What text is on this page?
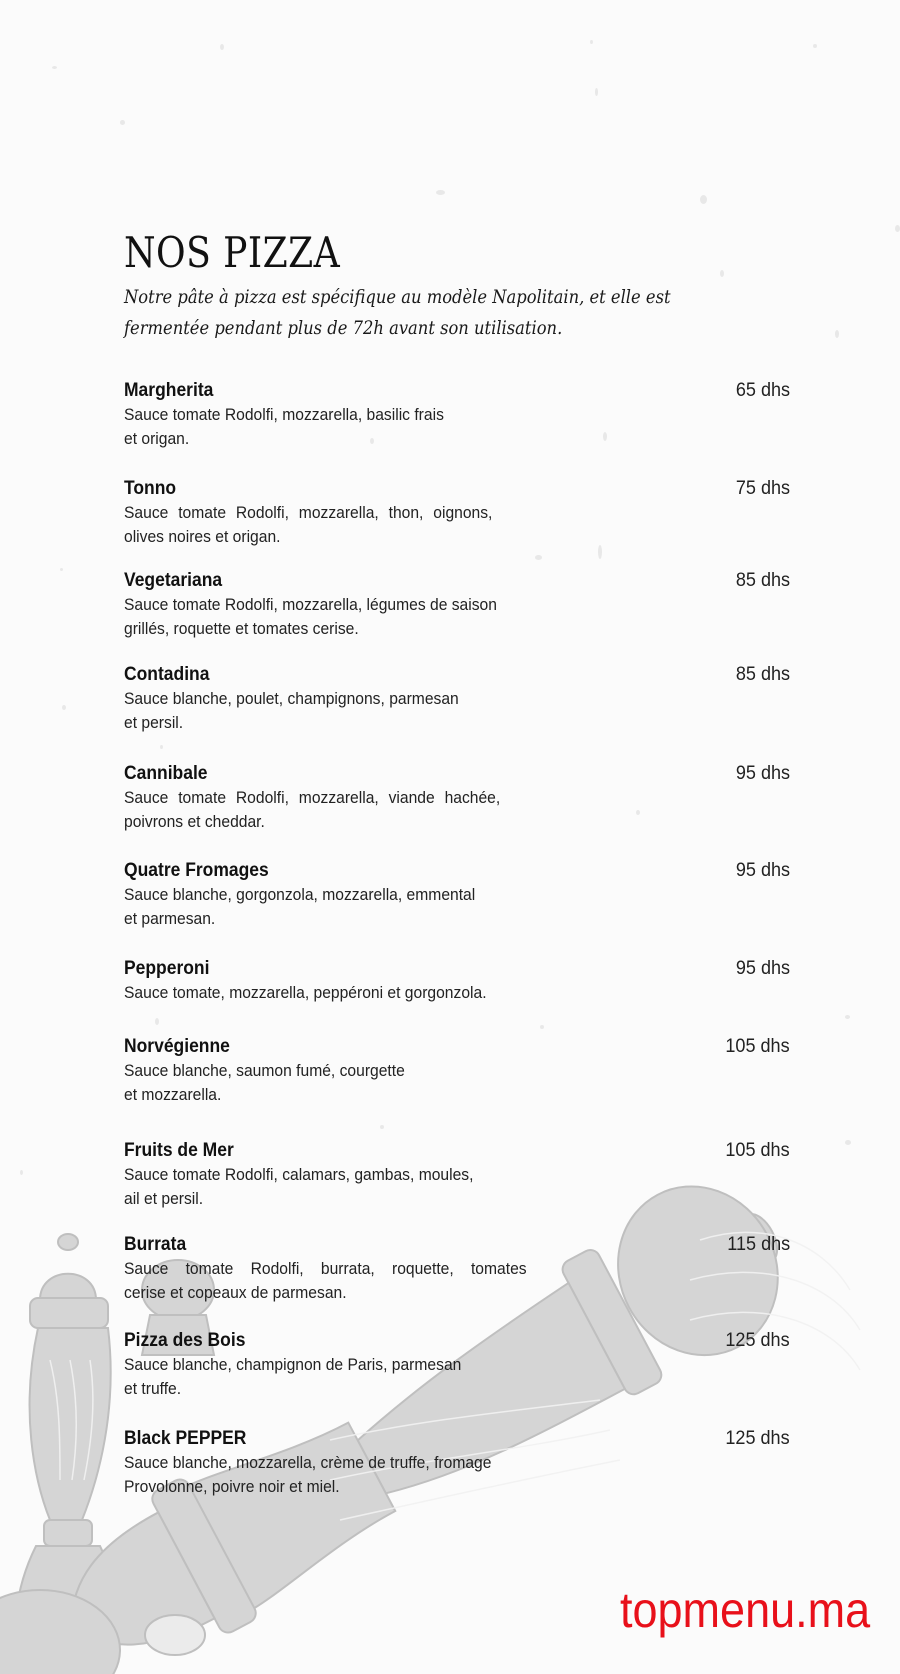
NOS PIZZA

Notre pâte à pizza est spécifique au modèle Napolitain, et elle est fermentée pendant plus de 72h avant son utilisation.

Margherita
Sauce tomate Rodolfi, mozzarella, basilic frais
et origan.
65 dhs
Tonno
Sauce tomate Rodolfi, mozzarella, thon, oignons,
olives noires et origan.
75 dhs
Vegetariana
Sauce tomate Rodolfi, mozzarella, légumes de saison
grillés, roquette et tomates cerise.
85 dhs
Contadina
Sauce blanche, poulet, champignons, parmesan
et persil.
85 dhs
Cannibale
Sauce tomate Rodolfi, mozzarella, viande hachée,
poivrons et cheddar.
95 dhs
Quatre Fromages
Sauce blanche, gorgonzola, mozzarella, emmental
et parmesan.
95 dhs
Pepperoni
Sauce tomate, mozzarella, peppéroni et gorgonzola.
95 dhs
Norvégienne
Sauce blanche, saumon fumé, courgette
et mozzarella.
105 dhs
Fruits de Mer
Sauce tomate Rodolfi, calamars, gambas, moules,
ail et persil.
105 dhs
Burrata
Sauce tomate Rodolfi, burrata, roquette, tomates
cerise et copeaux de parmesan.
115 dhs
Pizza des Bois
Sauce blanche, champignon de Paris, parmesan
et truffe.
125 dhs
Black PEPPER
Sauce blanche, mozzarella, crème de truffe, fromage
Provolonne, poivre noir et miel.
125 dhs
topmenu.ma
